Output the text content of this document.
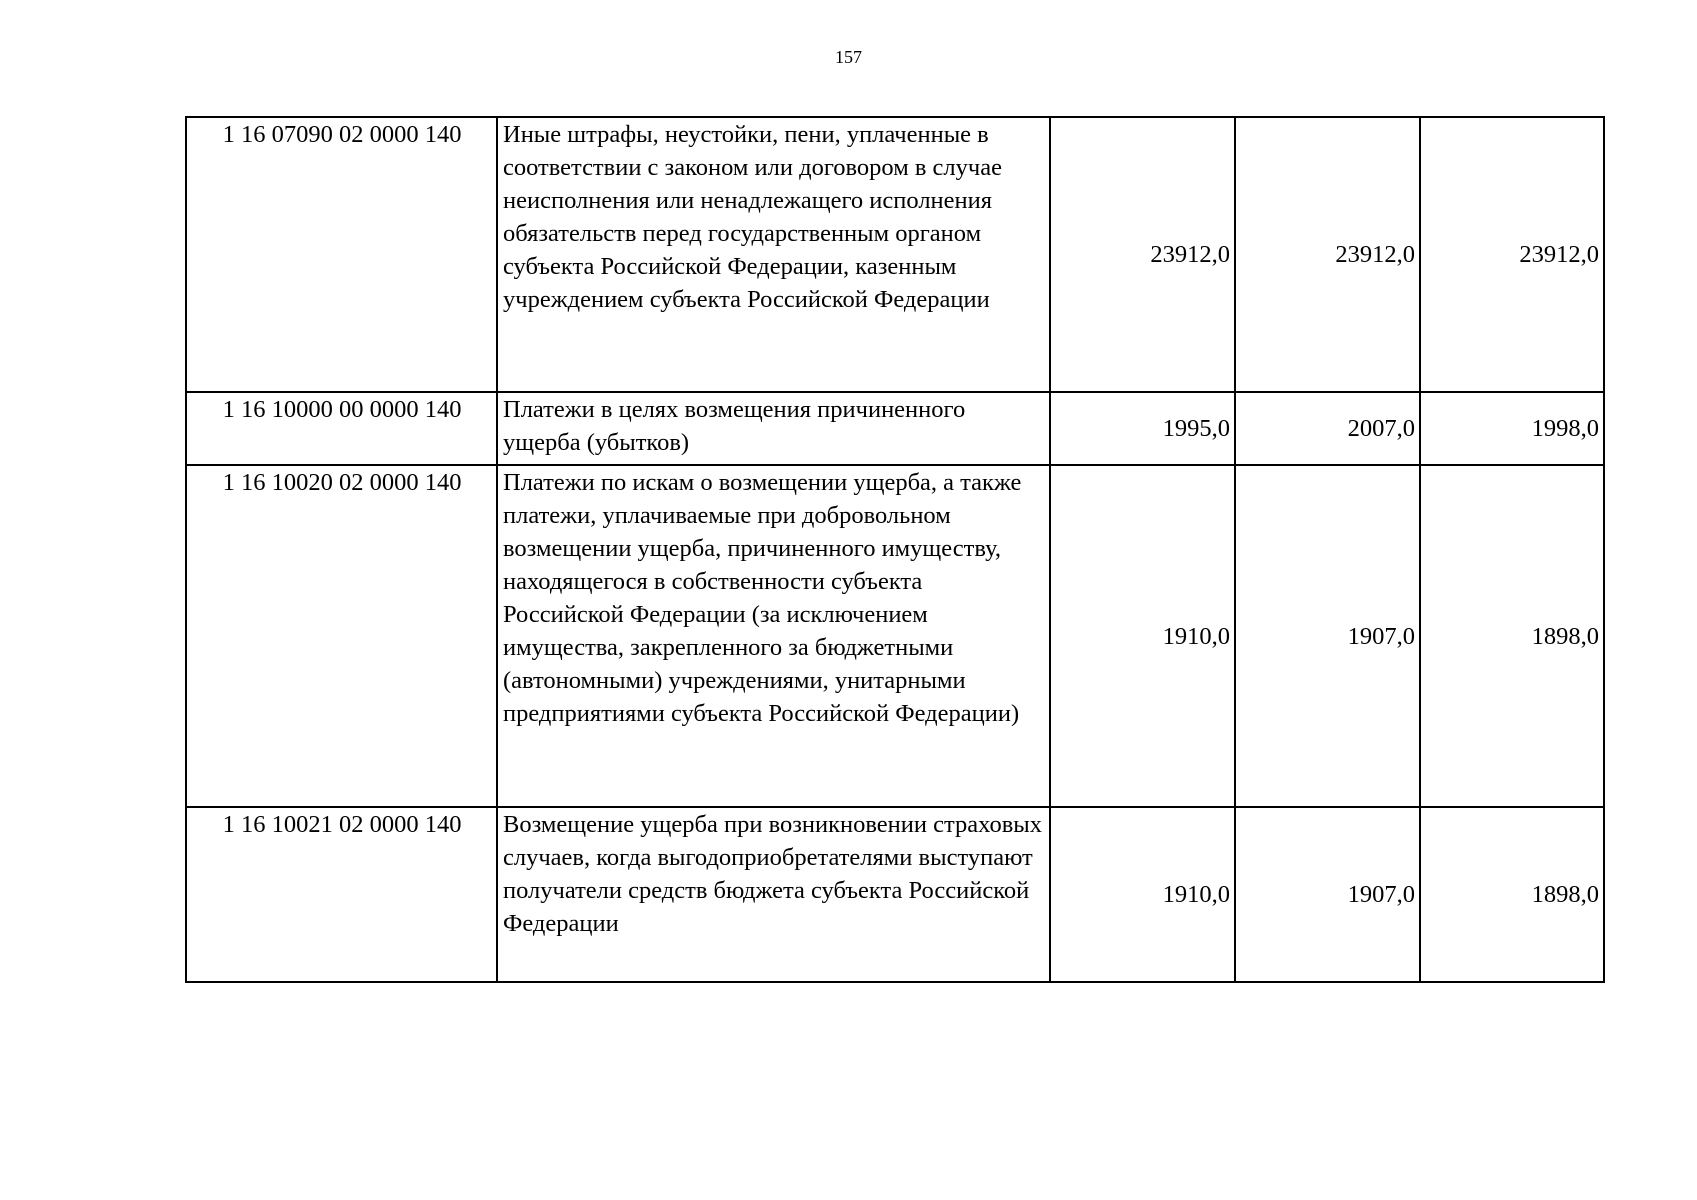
157
1 16 07090 02 0000 140	Иные штрафы, неустойки, пени, уплаченные в соответствии с законом или договором в случае неисполнения или ненадлежащего исполнения обязательств перед государственным органом субъекта Российской Федерации, казенным учреждением субъекта Российской Федерации	23912,0	23912,0	23912,0
1 16 10000 00 0000 140	Платежи в целях возмещения причиненного ущерба (убытков)	1995,0	2007,0	1998,0
1 16 10020 02 0000 140	Платежи по искам о возмещении ущерба, а также платежи, уплачиваемые при добровольном возмещении ущерба, причиненного имуществу, находящегося в собственности субъекта Российской Федерации (за исключением имущества, закрепленного за бюджетными (автономными) учреждениями, унитарными предприятиями субъекта Российской Федерации)	1910,0	1907,0	1898,0
1 16 10021 02 0000 140	Возмещение ущерба при возникновении страховых случаев, когда выгодоприобретателями выступают получатели средств бюджета субъекта Российской Федерации	1910,0	1907,0	1898,0
